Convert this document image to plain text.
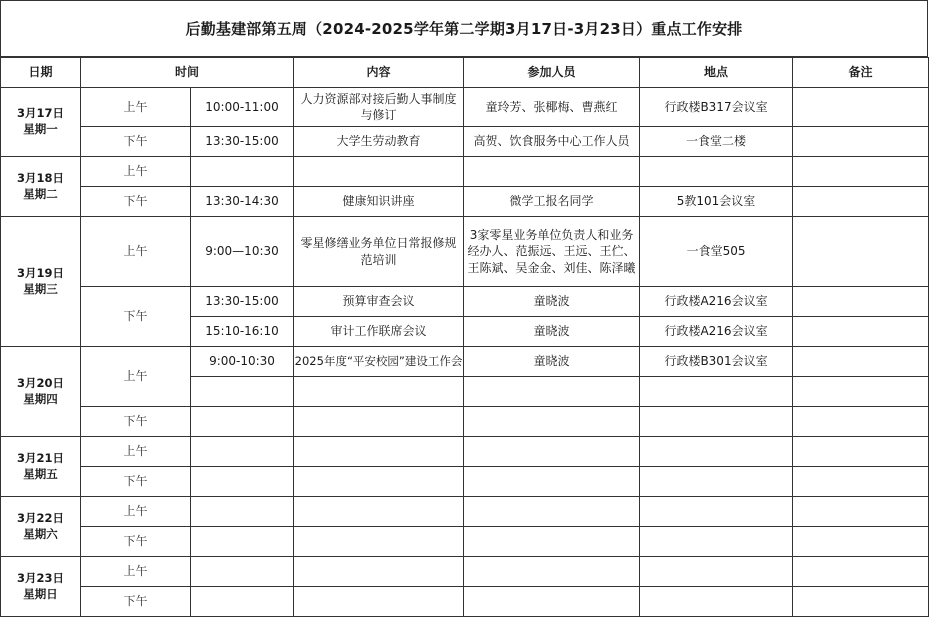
后勤基建部第五周（2024-2025学年第二学期3月17日-3月23日）重点工作安排
日期	时间		内容	参加人员	地点	备注

3月17日
星期一	上午	10:00-11:00	人力资源部对接后勤人事制度与修订	童玲芳、张椰梅、曹燕红	行政楼B317会议室	
	下午	13:30-15:00	大学生劳动教育	高贺、饮食服务中心工作人员	一食堂二楼	

3月18日
星期二	上午					
	下午	13:30-14:30	健康知识讲座	微学工报名同学	5教101会议室	

3月19日
星期三	上午	9:00—10:30	零星修缮业务单位日常报修规范培训	3家零星业务单位负责人和业务经办人、范振远、王远、王伫、王陈斌、吴金金、刘佳、陈泽曦	一食堂505	
	下午	13:30-15:00	预算审查会议	童晓波	行政楼A216会议室	
		15:10-16:10	审计工作联席会议	童晓波	行政楼A216会议室	

3月20日
星期四	上午	9:00-10:30	2025年度“平安校园”建设工作会	童晓波	行政楼B301会议室	

	下午					

3月21日
星期五	上午					
	下午					

3月22日
星期六	上午					
	下午					

3月23日
星期日	上午					
	下午					
